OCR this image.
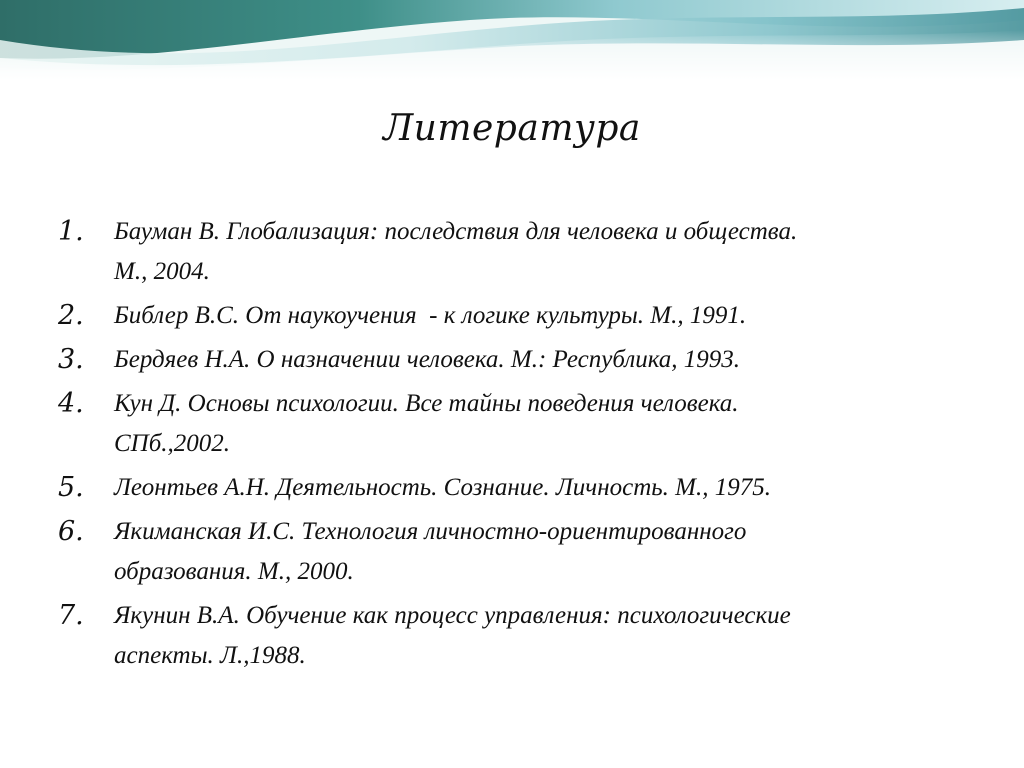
Литература
1.	Бауман В. Глобализация: последствия для человека и общества.
М., 2004.
2.	Библер В.С. От наукоучения  - к логике культуры. М., 1991.
3.	Бердяев Н.А. О назначении человека. М.: Республика, 1993.
4.	Кун Д. Основы психологии. Все тайны поведения человека.
СПб.,2002.
5.	Леонтьев А.Н. Деятельность. Сознание. Личность. М., 1975.
6.	Якиманская И.С. Технология личностно-ориентированного
образования. М., 2000.
7.	Якунин В.А. Обучение как процесс управления: психологические
аспекты. Л.,1988.
